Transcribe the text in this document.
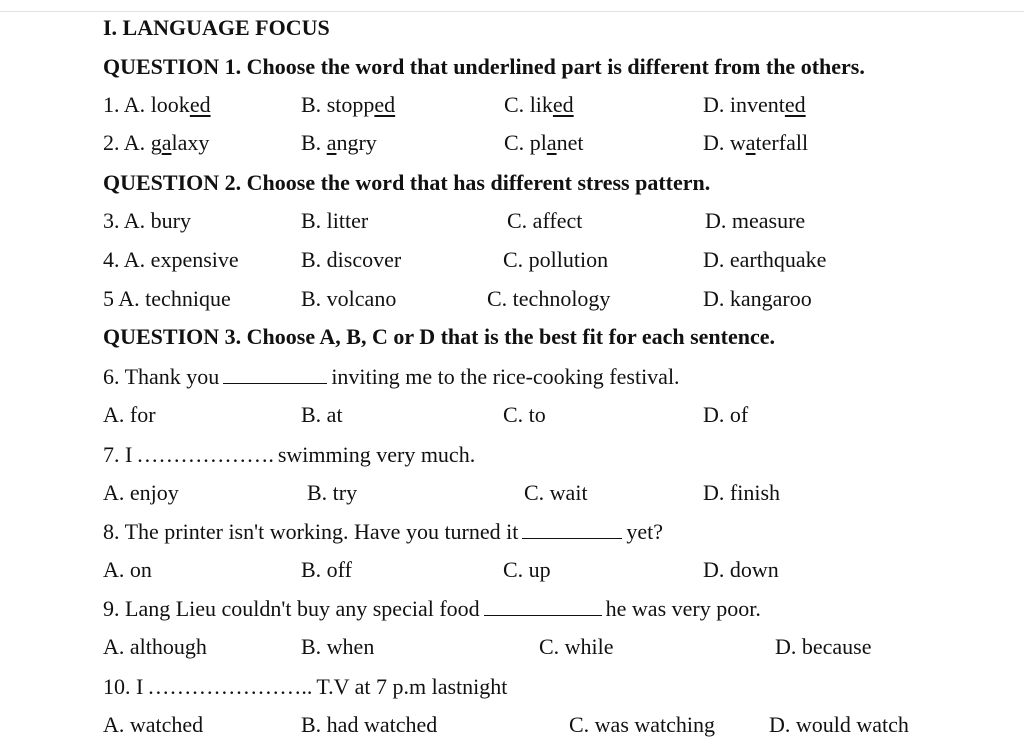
I. LANGUAGE FOCUS
QUESTION 1. Choose the word that underlined part is different from the others.
1. A. looked	B. stopped	C. liked	D. invented
2. A. galaxy	B. angry	C. planet	D. waterfall
QUESTION 2. Choose the word that has different stress pattern.
3. A. bury	B. litter	C. affect	D. measure
4. A. expensive	B. discover	C. pollution	D. earthquake
5 A. technique	B. volcano	C. technology	D. kangaroo
QUESTION 3. Choose A, B, C or D that is the best fit for each sentence.
6. Thank you	inviting me to the rice-cooking festival.
A. for	B. at	C. to	D. of
7. I ………………. swimming very much.
A. enjoy	B. try	C. wait	D. finish
8. The printer isn't working. Have you turned it	yet?
A. on	B. off	C. up	D. down
9. Lang Lieu couldn't buy any special food	he was very poor.
A. although	B. when	C. while	D. because
10. I ………………….. T.V at 7 p.m lastnight
A. watched	B. had watched	C. was watching D. would watch
